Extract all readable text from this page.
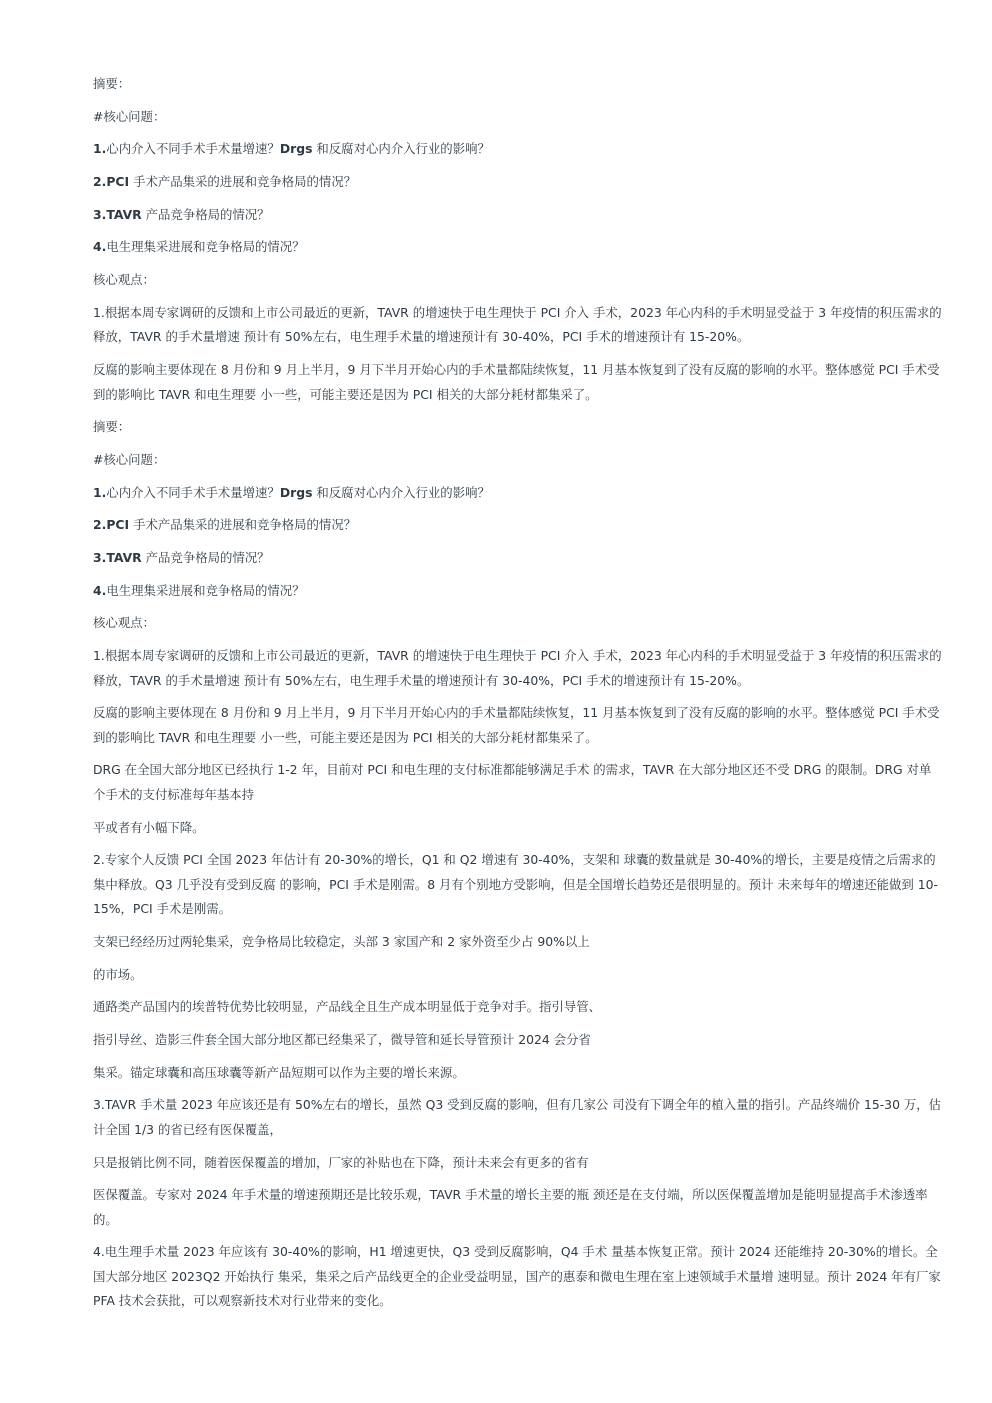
摘要：

#核心问题：

1.心内介入不同手术手术量增速？Drgs 和反腐对心内介入行业的影响？

2.PCI 手术产品集采的进展和竞争格局的情况？

3.TAVR 产品竞争格局的情况？

4.电生理集采进展和竞争格局的情况？

核心观点：

1.根据本周专家调研的反馈和上市公司最近的更新，TAVR 的增速快于电生理快于 PCI 介入 手术，2023 年心内科的手术明显受益于 3 年疫情的积压需求的释放，TAVR 的手术量增速 预计有 50%左右，电生理手术量的增速预计有 30-40%，PCI 手术的增速预计有 15-20%。

反腐的影响主要体现在 8 月份和 9 月上半月，9 月下半月开始心内的手术量都陆续恢复，11 月基本恢复到了没有反腐的影响的水平。整体感觉 PCI 手术受到的影响比 TAVR 和电生理要 小一些，可能主要还是因为 PCI 相关的大部分耗材都集采了。

摘要：

#核心问题：

1.心内介入不同手术手术量增速？Drgs 和反腐对心内介入行业的影响？

2.PCI 手术产品集采的进展和竞争格局的情况？

3.TAVR 产品竞争格局的情况？

4.电生理集采进展和竞争格局的情况？

核心观点：

1.根据本周专家调研的反馈和上市公司最近的更新，TAVR 的增速快于电生理快于 PCI 介入 手术，2023 年心内科的手术明显受益于 3 年疫情的积压需求的释放，TAVR 的手术量增速 预计有 50%左右，电生理手术量的增速预计有 30-40%，PCI 手术的增速预计有 15-20%。

反腐的影响主要体现在 8 月份和 9 月上半月，9 月下半月开始心内的手术量都陆续恢复，11 月基本恢复到了没有反腐的影响的水平。整体感觉 PCI 手术受到的影响比 TAVR 和电生理要 小一些，可能主要还是因为 PCI 相关的大部分耗材都集采了。

DRG 在全国大部分地区已经执行 1-2 年，目前对 PCI 和电生理的支付标准都能够满足手术 的需求，TAVR 在大部分地区还不受 DRG 的限制。DRG 对单个手术的支付标准每年基本持

平或者有小幅下降。

2.专家个人反馈 PCI 全国 2023 年估计有 20-30%的增长，Q1 和 Q2 增速有 30-40%，支架和 球囊的数量就是 30-40%的增长，主要是疫情之后需求的集中释放。Q3 几乎没有受到反腐 的影响，PCI 手术是刚需。8 月有个别地方受影响，但是全国增长趋势还是很明显的。预计 未来每年的增速还能做到 10-15%，PCI 手术是刚需。

支架已经经历过两轮集采，竞争格局比较稳定，头部 3 家国产和 2 家外资至少占 90%以上

的市场。

通路类产品国内的埃普特优势比较明显，产品线全且生产成本明显低于竞争对手。指引导管、

指引导丝、造影三件套全国大部分地区都已经集采了，微导管和延长导管预计 2024 会分省

集采。锚定球囊和高压球囊等新产品短期可以作为主要的增长来源。

3.TAVR 手术量 2023 年应该还是有 50%左右的增长，虽然 Q3 受到反腐的影响，但有几家公 司没有下调全年的植入量的指引。产品终端价 15-30 万，估计全国 1/3 的省已经有医保覆盖，

只是报销比例不同，随着医保覆盖的增加，厂家的补贴也在下降，预计未来会有更多的省有

医保覆盖。专家对 2024 年手术量的增速预期还是比较乐观，TAVR 手术量的增长主要的瓶 颈还是在支付端，所以医保覆盖增加是能明显提高手术渗透率的。

4.电生理手术量 2023 年应该有 30-40%的影响，H1 增速更快，Q3 受到反腐影响，Q4 手术 量基本恢复正常。预计 2024 还能维持 20-30%的增长。全国大部分地区 2023Q2 开始执行 集采，集采之后产品线更全的企业受益明显，国产的惠泰和微电生理在室上速领域手术量增 速明显。预计 2024 年有厂家 PFA 技术会获批，可以观察新技术对行业带来的变化。
